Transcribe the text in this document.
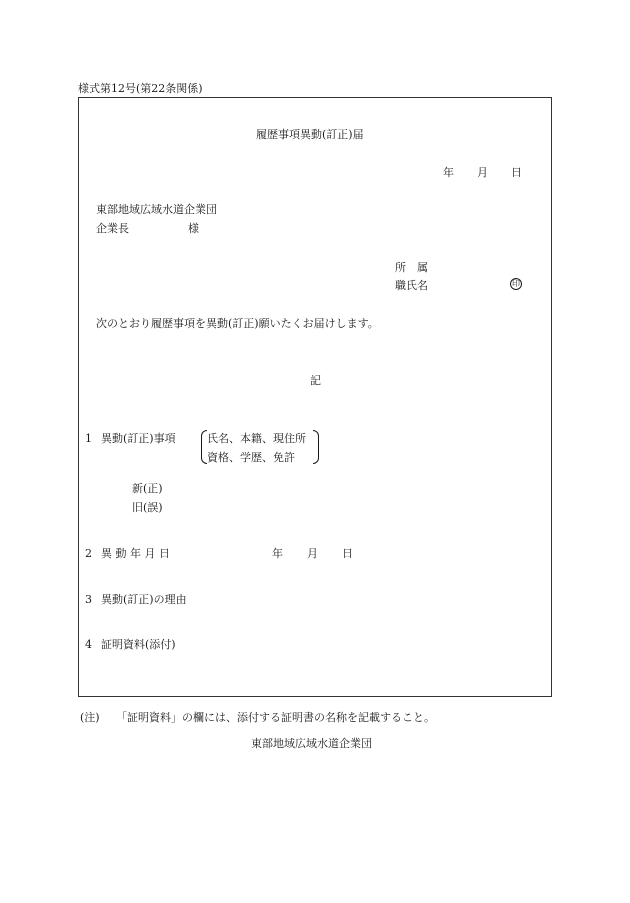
様式第12号(第22条関係)
履歴事項異動(訂正)届
年 月 日
東部地域広域水道企業団
企業長	様
所　属
職氏名	印
次のとおり履歴事項を異動(訂正)願いたくお届けします。
記
1 異動(訂正)事項	氏名、本籍、現住所
資格、学歴、免許
新(正)
旧(誤)
2 異 動 年 月 日	年 月 日
3 異動(訂正)の理由
4 証明資料(添付)
(注) 「証明資料」の欄には、添付する証明書の名称を記載すること。
東部地域広域水道企業団
